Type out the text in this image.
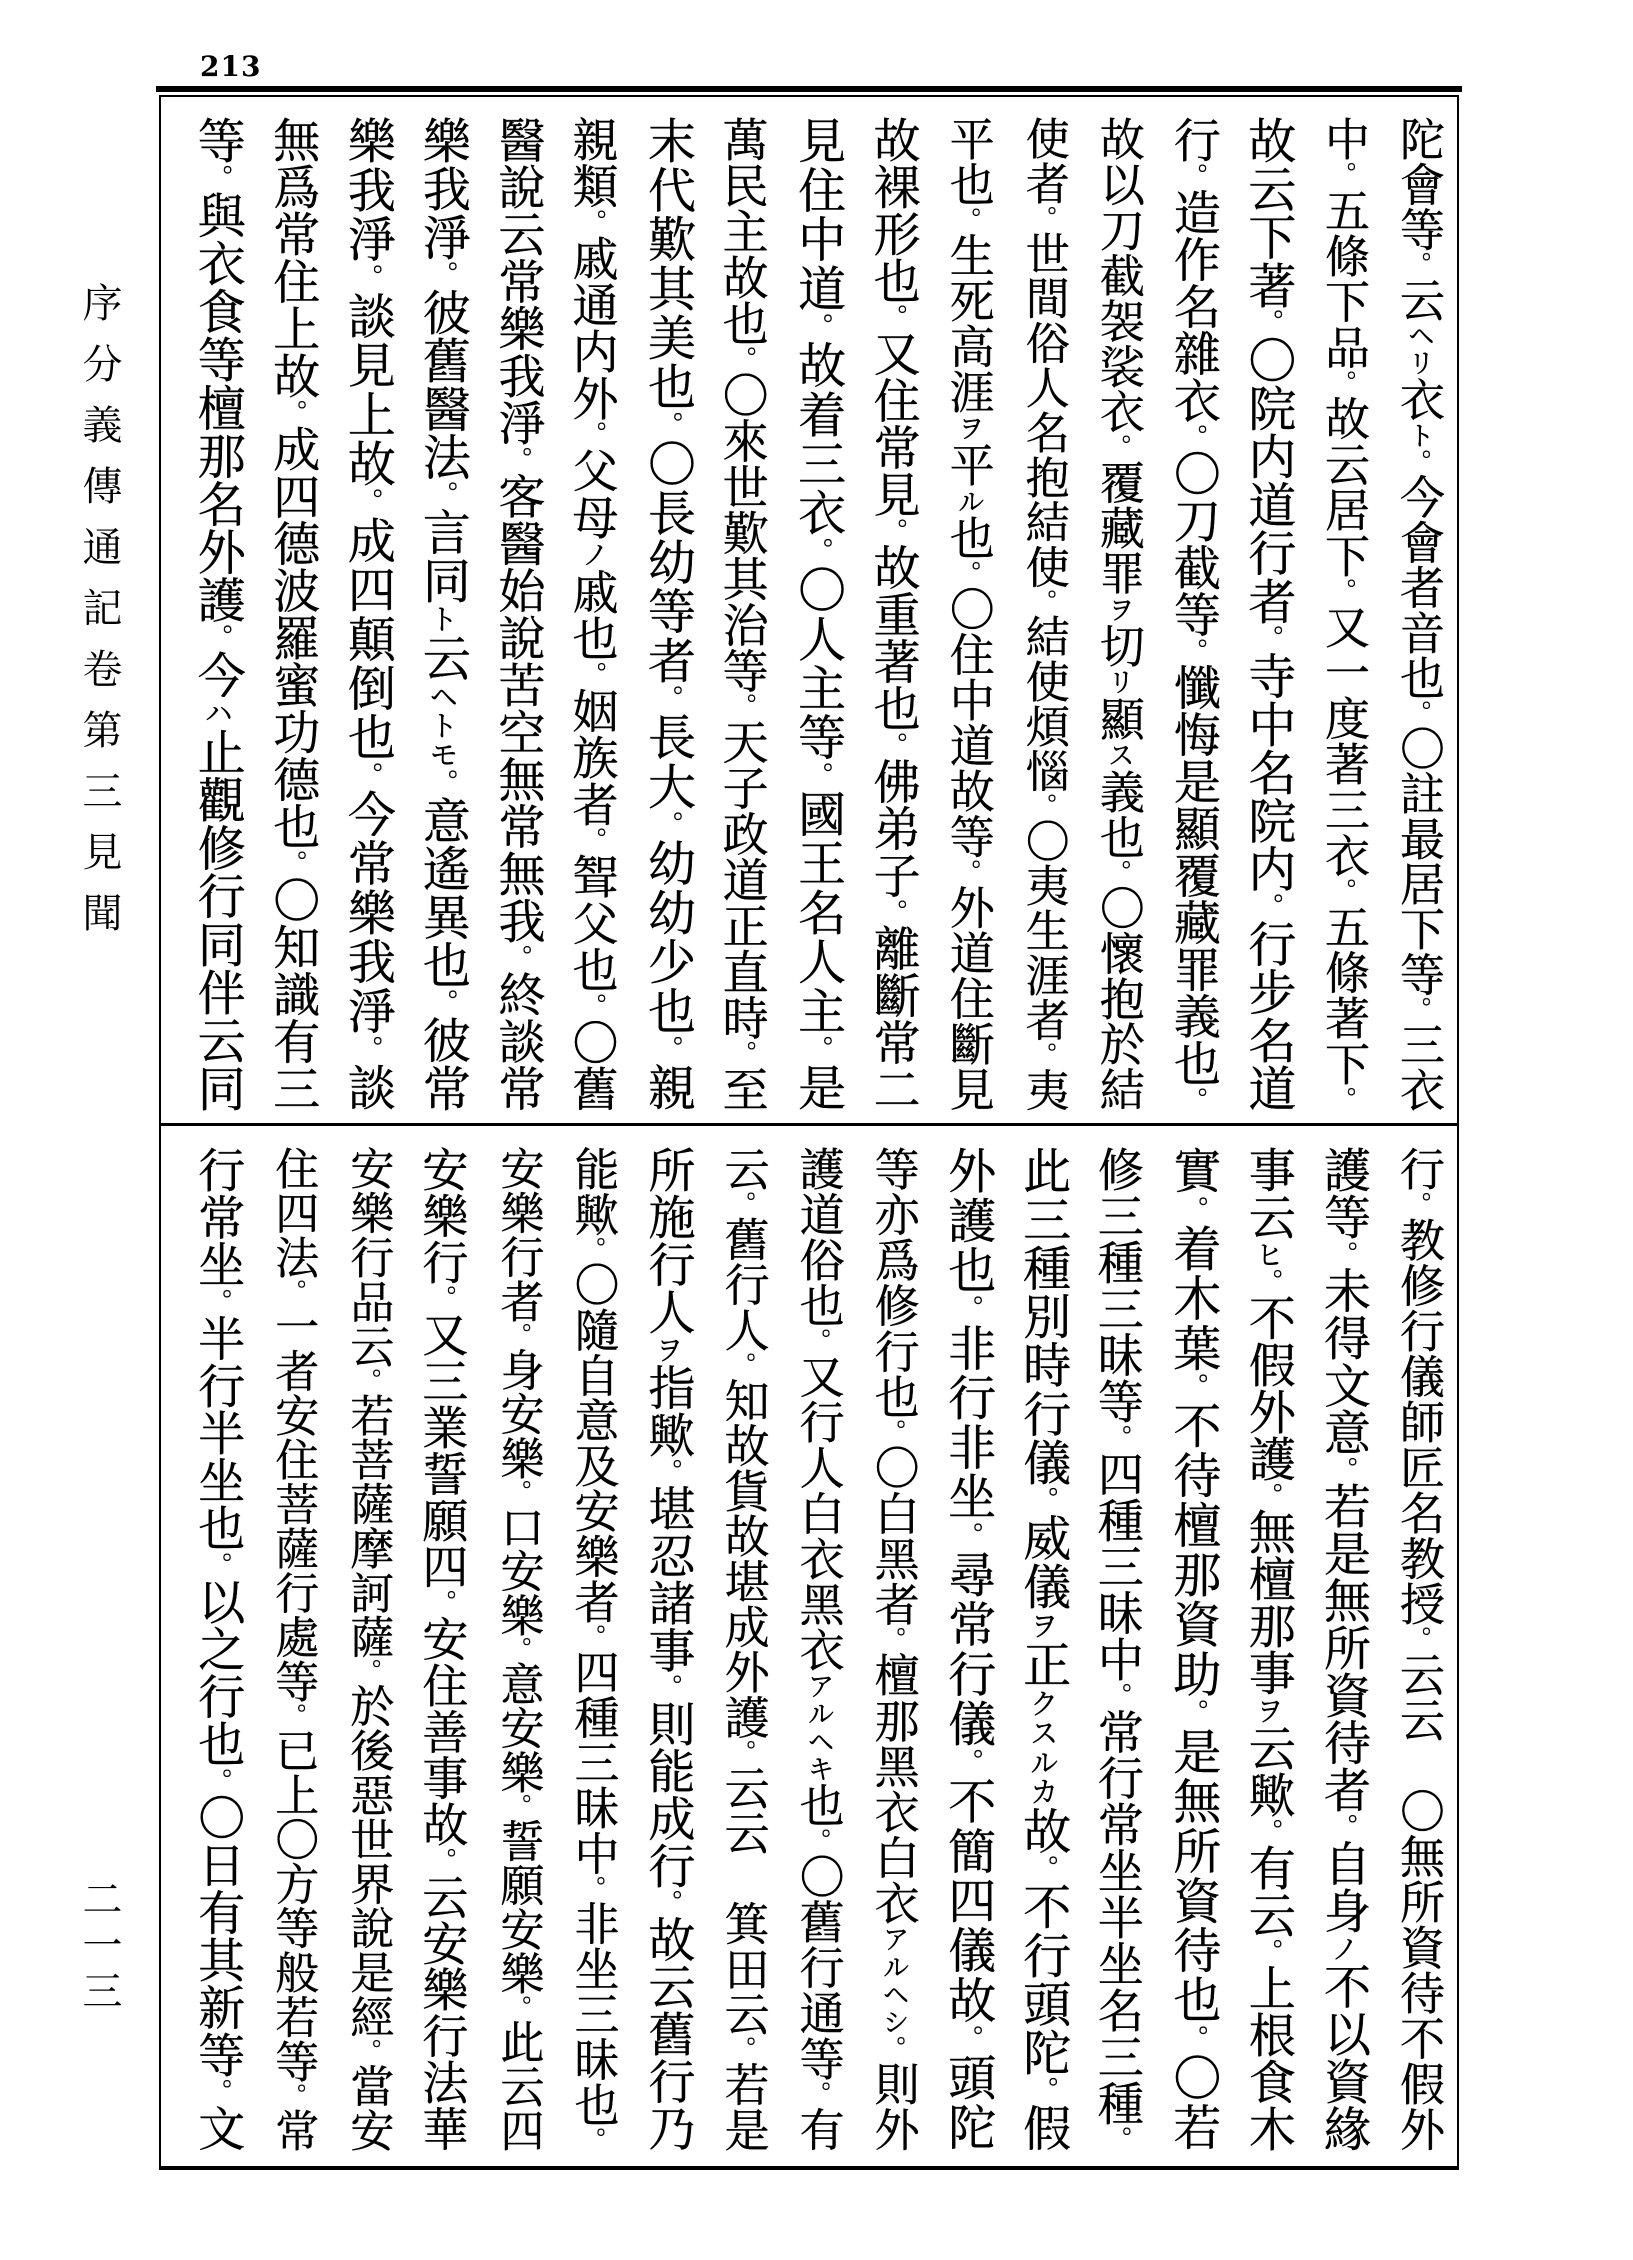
213
序分義傳通記卷第三見聞
二一三
陀會等。云ヘリ衣ト。今會者音也。〇註最居下等。三衣
中。五條下品。故云居下。又一度著三衣。五條著下。
故云下著。〇院内道行者。寺中名院内。行步名道
行。造作名雜衣。〇刀截等。懺悔是顯覆藏罪義也。
故以刀截袈裟衣。覆藏罪ヲ切リ顯ス義也。〇懷抱於結
使者。世間俗人名抱結使。結使煩惱。〇夷生涯者。夷
平也。生死高涯ヲ平ル也。〇住中道故等。外道住斷見
故裸形也。又住常見。故重著也。佛弟子。離斷常二
見住中道。故着三衣。〇人主等。國王名人主。是
萬民主故也。〇來世歎其治等。天子政道正直時。至
末代歎其美也。〇長幼等者。長大。幼幼少也。親
親類。戚通内外。父母ノ戚也。姻族者。聟父也。〇舊
醫說云常樂我淨。客醫始說苦空無常無我。終談常
樂我淨。彼舊醫法。言同ト云ヘトモ。意遙異也。彼常
樂我淨。談見上故。成四顛倒也。今常樂我淨。談
無爲常住上故。成四德波羅蜜功德也。〇知識有三
等。與衣食等檀那名外護。今ハ止觀修行同伴云同
行。教修行儀師匠名教授。云云　〇無所資待不假外
護等。未得文意。若是無所資待者。自身ノ不以資緣
事云ヒ。不假外護。無檀那事ヲ云歟。有云。上根食木
實。着木葉。不待檀那資助。是無所資待也。〇若
修三種三昧等。四種三昧中。常行常坐半坐名三種。
此三種別時行儀。威儀ヲ正クスルカ故。不行頭陀。假
外護也。非行非坐。尋常行儀。不簡四儀故。頭陀
等亦爲修行也。〇白黑者。檀那黑衣白衣アルヘシ。則外
護道俗也。又行人白衣黑衣アルヘキ也。〇舊行通等。有
云。舊行人。知故貨故堪成外護。云云　箕田云。若是
所施行人ヲ指歟。堪忍諸事。則能成行。故云舊行乃
能歟。〇隨自意及安樂者。四種三昧中。非坐三昧也。
安樂行者。身安樂。口安樂。意安樂。誓願安樂。此云四
安樂行。又三業誓願四。安住善事故。云安樂行法華
安樂行品云。若菩薩摩訶薩。於後惡世界說是經。當安
住四法。一者安住菩薩行處等。已上〇方等般若等。常
行常坐。半行半坐也。以之行也。〇日有其新等。文
